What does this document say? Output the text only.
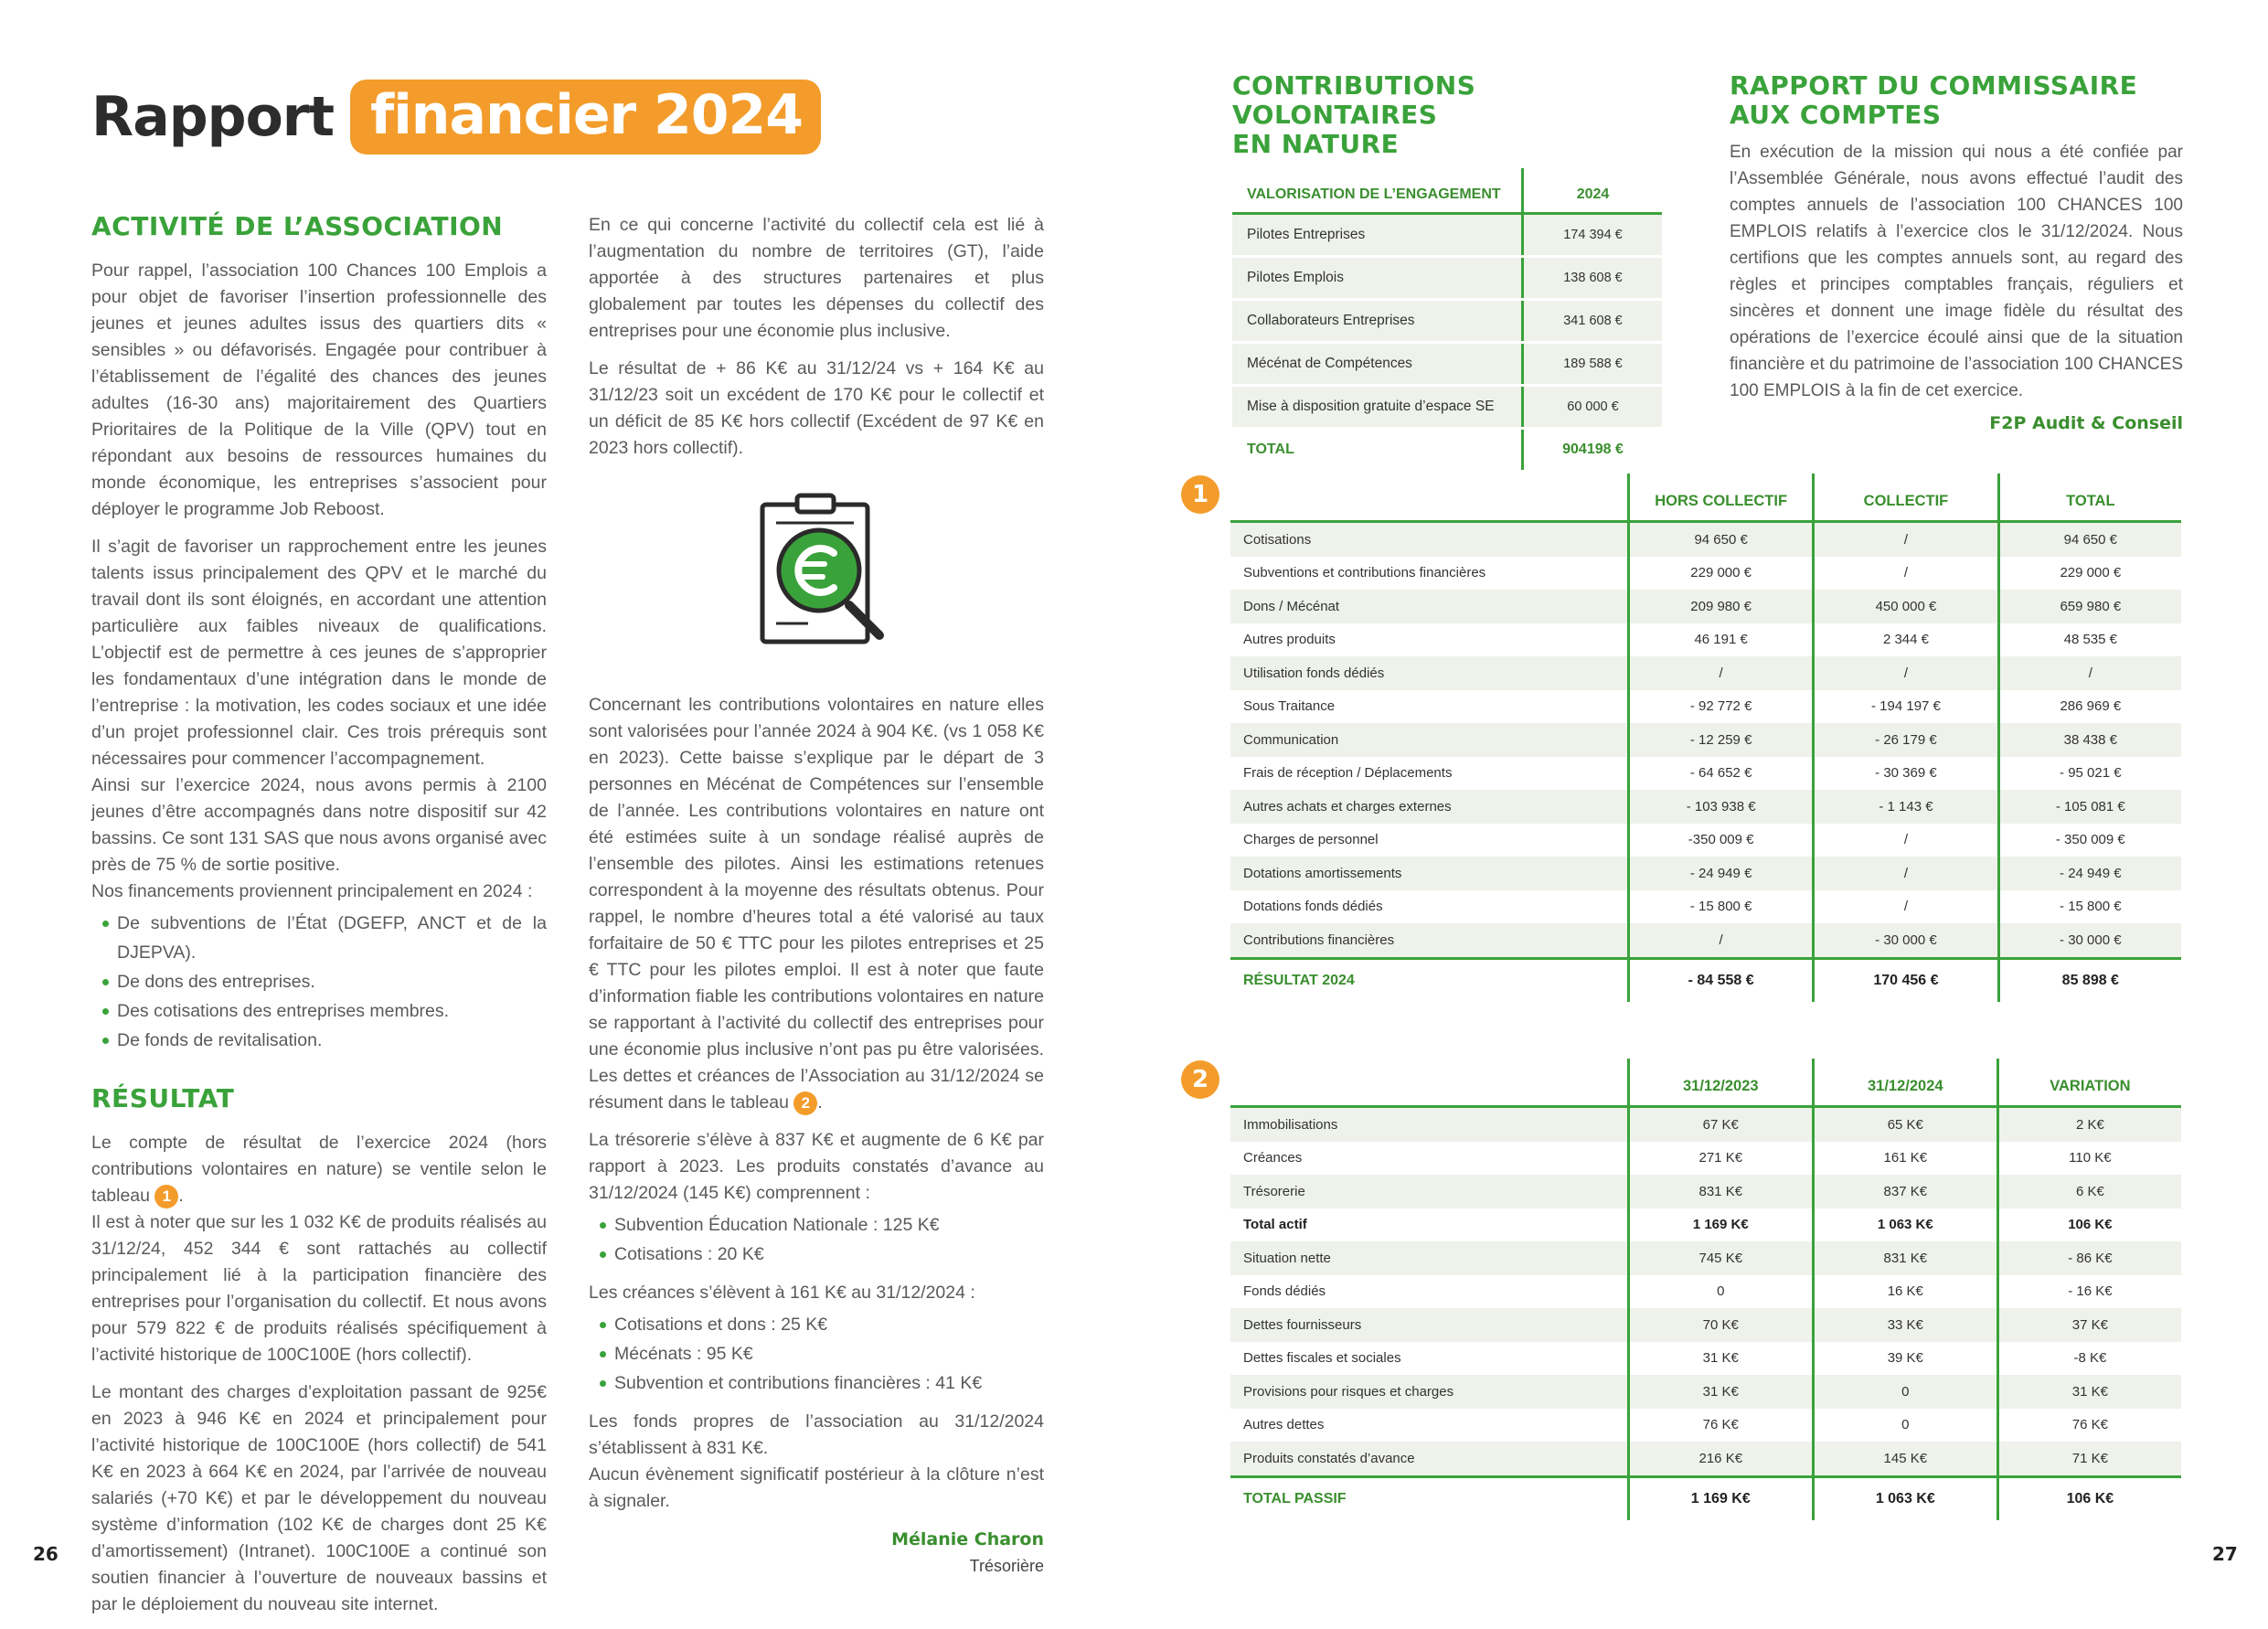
Rapport financier 2024
ACTIVITÉ DE L’ASSOCIATION

Pour rappel, l’association 100 Chances 100 Emplois a pour objet de favoriser l’insertion professionnelle des jeunes et jeunes adultes issus des quartiers dits « sensibles » ou défavorisés. Engagée pour contribuer à l’établissement de l’égalité des chances des jeunes adultes (16-30 ans) majoritairement des Quartiers Prioritaires de la Politique de la Ville (QPV) tout en répondant aux besoins de ressources humaines du monde économique, les entreprises s’associent pour déployer le programme Job Reboost.

Il s’agit de favoriser un rapprochement entre les jeunes talents issus principalement des QPV et le marché du travail dont ils sont éloignés, en accordant une attention particulière aux faibles niveaux de qualifications. L’objectif est de permettre à ces jeunes de s’approprier les fondamentaux d’une intégration dans le monde de l’entreprise : la motivation, les codes sociaux et une idée d’un projet professionnel clair. Ces trois prérequis sont nécessaires pour commencer l’accompagnement.

Ainsi sur l’exercice 2024, nous avons permis à 2100 jeunes d’être accompagnés dans notre dispositif sur 42 bassins. Ce sont 131 SAS que nous avons organisé avec près de 75 % de sortie positive.

Nos financements proviennent principalement en 2024 :

De subventions de l’État (DGEFP, ANCT et de la DJEPVA).
De dons des entreprises.
Des cotisations des entreprises membres.
De fonds de revitalisation.
RÉSULTAT

Le compte de résultat de l’exercice 2024 (hors contributions volontaires en nature) se ventile selon le tableau 1 .

Il est à noter que sur les 1 032 K€ de produits réalisés au 31/12/24, 452 344 € sont rattachés au collectif principalement lié à la participation financière des entreprises pour l’organisation du collectif. Et nous avons pour 579 822 € de produits réalisés spécifiquement à l’activité historique de 100C100E (hors collectif).

Le montant des charges d’exploitation passant de 925€ en 2023 à 946 K€ en 2024 et principalement pour l’activité historique de 100C100E (hors collectif) de 541 K€ en 2023 à 664 K€ en 2024, par l’arrivée de nouveau salariés (+70 K€) et par le développement du nouveau système d’information (102 K€ de charges dont 25 K€ d’amortissement) (Intranet). 100C100E a continué son soutien financier à l’ouverture de nouveaux bassins et par le déploiement du nouveau site internet.

En ce qui concerne l’activité du collectif cela est lié à l’augmentation du nombre de territoires (GT), l’aide apportée à des structures partenaires et plus globalement par toutes les dépenses du collectif des entreprises pour une économie plus inclusive.

Le résultat de + 86 K€ au 31/12/24 vs + 164 K€ au 31/12/23 soit un excédent de 170 K€ pour le collectif et un déficit de 85 K€ hors collectif (Excédent de 97 K€ en 2023 hors collectif).

Concernant les contributions volontaires en nature elles sont valorisées pour l’année 2024 à 904 K€. (vs 1 058 K€ en 2023). Cette baisse s’explique par le départ de 3 personnes en Mécénat de Compétences sur l’ensemble de l’année. Les contributions volontaires en nature ont été estimées suite à un sondage réalisé auprès de l’ensemble des pilotes. Ainsi les estimations retenues correspondent à la moyenne des résultats obtenus. Pour rappel, le nombre d’heures total a été valorisé au taux forfaitaire de 50 € TTC pour les pilotes entreprises et 25 € TTC pour les pilotes emploi. Il est à noter que faute d’information fiable les contributions volontaires en nature se rapportant à l’activité du collectif des entreprises pour une économie plus inclusive n’ont pas pu être valorisées. Les dettes et créances de l’Association au 31/12/2024 se résument dans le tableau 2 .

La trésorerie s’élève à 837 K€ et augmente de 6 K€ par rapport à 2023. Les produits constatés d’avance au 31/12/2024 (145 K€) comprennent :

Subvention Éducation Nationale : 125 K€
Cotisations : 20 K€

Les créances s’élèvent à 161 K€ au 31/12/2024 :

Cotisations et dons : 25 K€
Mécénats : 95 K€
Subvention et contributions financières : 41 K€

Les fonds propres de l’association au 31/12/2024 s’établissent à 831 K€.

Aucun évènement significatif postérieur à la clôture n’est à signaler.

Mélanie Charon
Trésorière
26
CONTRIBUTIONS VOLONTAIRES
EN NATURE
VALORISATION DE L’ENGAGEMENT	2024
Pilotes Entreprises	174 394 €
Pilotes Emplois	138 608 €
Collaborateurs Entreprises	341 608 €
Mécénat de Compétences	189 588 €
Mise à disposition gratuite d’espace SE	60 000 €
TOTAL	904198 €
RAPPORT DU COMMISSAIRE
AUX COMPTES
En exécution de la mission qui nous a été confiée par l’Assemblée Générale, nous avons effectué l’audit des comptes annuels de l’association 100 CHANCES 100 EMPLOIS relatifs à l’exercice clos le 31/12/2024. Nous certifions que les comptes annuels sont, au regard des règles et principes comptables français, réguliers et sincères et donnent une image fidèle du résultat des opérations de l’exercice écoulé ainsi que de la situation financière et du patrimoine de l’association 100 CHANCES 100 EMPLOIS à la fin de cet exercice.
F2P Audit & Conseil
1
		HORS COLLECTIF	COLLECTIF	TOTAL
Cotisations	94 650 €	/	94 650 €
Subventions et contributions financières	229 000 €	/	229 000 €
Dons / Mécénat	209 980 €	450 000 €	659 980 €
Autres produits	46 191 €	2 344 €	48 535 €
Utilisation fonds dédiés	/	/	/
Sous Traitance	- 92 772 €	- 194 197 €	286 969 €
Communication	- 12 259 €	- 26 179 €	38 438 €
Frais de réception / Déplacements	- 64 652 €	- 30 369 €	- 95 021 €
Autres achats et charges externes	- 103 938 €	- 1 143 €	- 105 081 €
Charges de personnel	-350 009 €	/	- 350 009 €
Dotations amortissements	- 24 949 €	/	- 24 949 €
Dotations fonds dédiés	- 15 800 €	/	- 15 800 €
Contributions financières	/	- 30 000 €	- 30 000 €
RÉSULTAT 2024	- 84 558 €	170 456 €	85 898 €
2
		31/12/2023	31/12/2024	VARIATION
Immobilisations	67 K€	65 K€	2 K€
Créances	271 K€	161 K€	110 K€
Trésorerie	831 K€	837 K€	6 K€
Total actif	1 169 K€	1 063 K€	106 K€
Situation nette	745 K€	831 K€	- 86 K€
Fonds dédiés	0	16 K€	- 16 K€
Dettes fournisseurs	70 K€	33 K€	37 K€
Dettes fiscales et sociales	31 K€	39 K€	-8 K€
Provisions pour risques et charges	31 K€	0	31 K€
Autres dettes	76 K€	0	76 K€
Produits constatés d’avance	216 K€	145 K€	71 K€
TOTAL PASSIF	1 169 K€	1 063 K€	106 K€
27
